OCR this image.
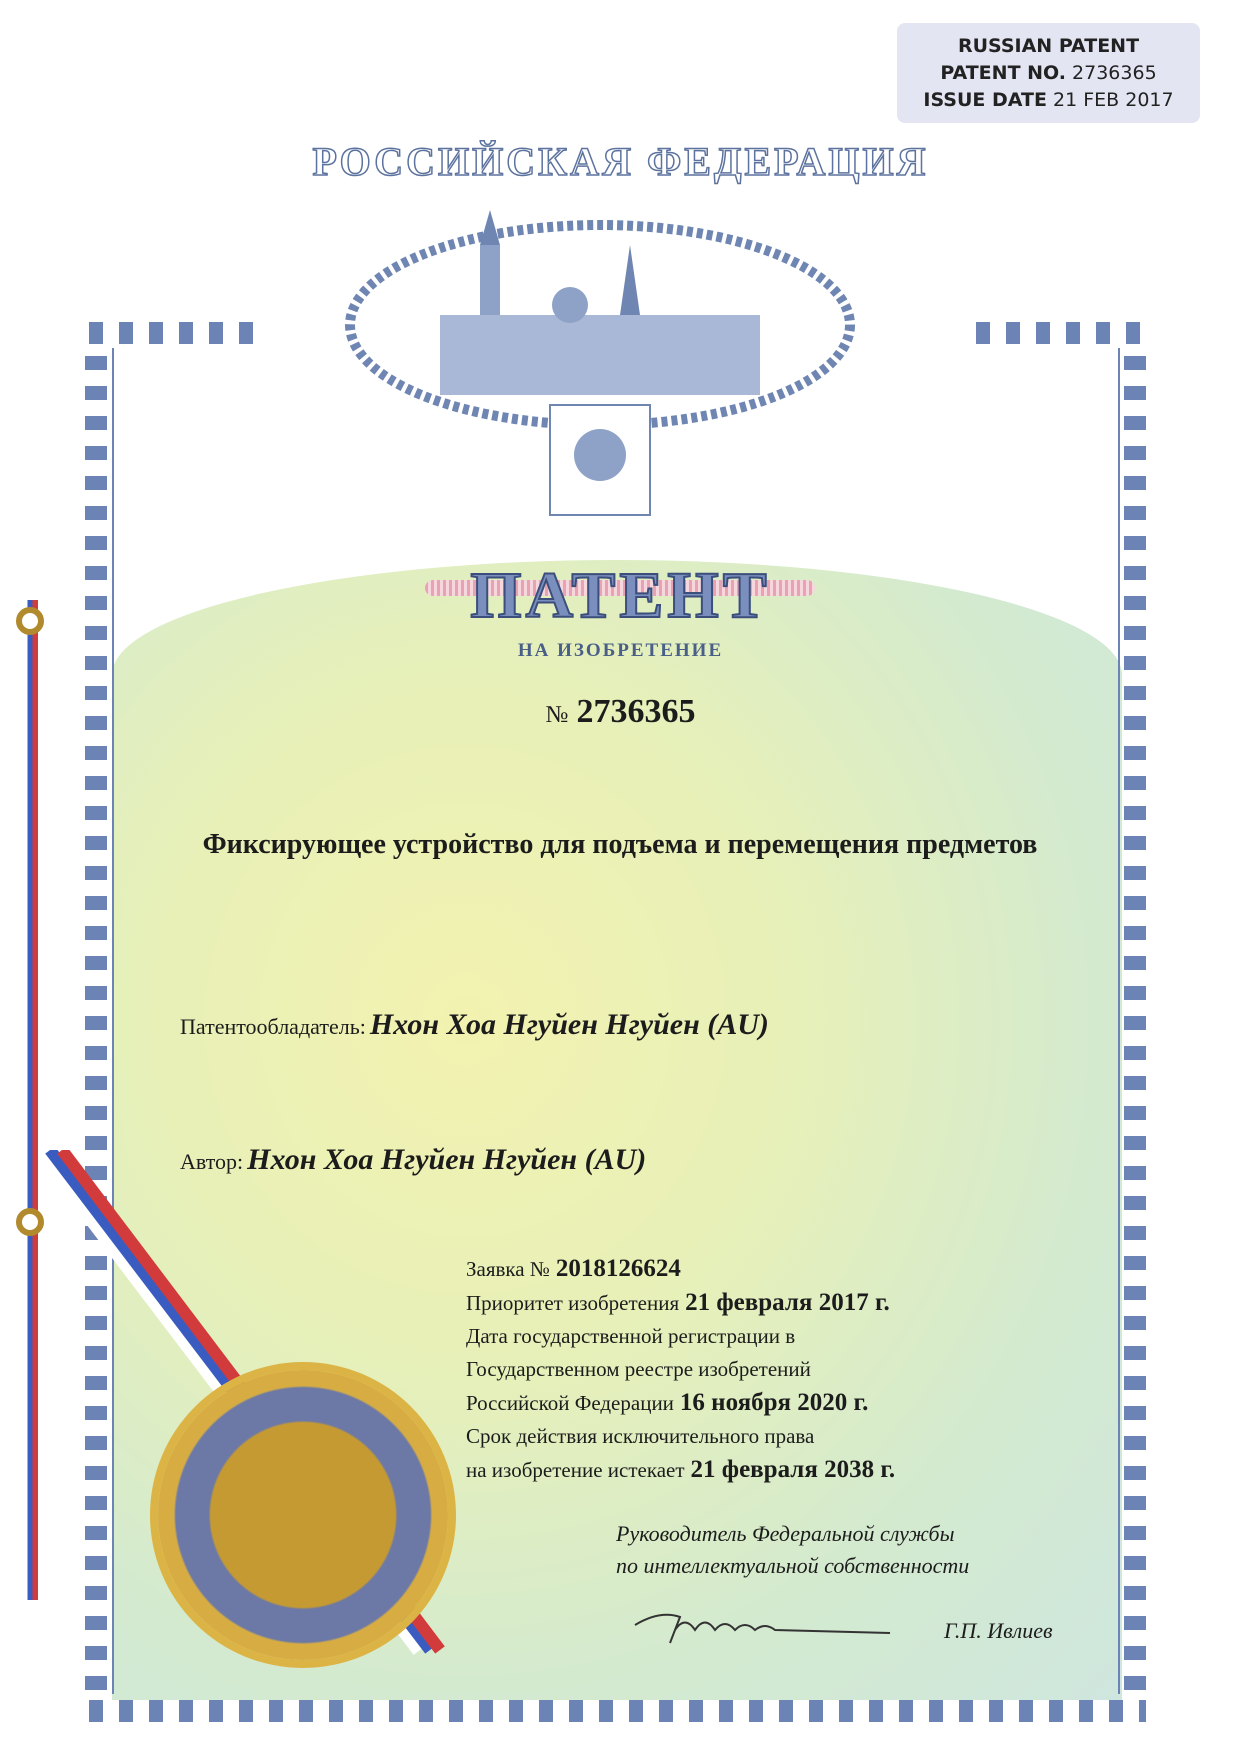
RUSSIAN PATENT
PATENT NO. 2736365
ISSUE DATE 21 FEB 2017
РОССИЙСКАЯ ФЕДЕРАЦИЯ
ПАТЕНТ
НА ИЗОБРЕТЕНИЕ
№ 2736365
Фиксирующее устройство для подъема и перемещения предметов
Патентообладатель: Нхон Хоа Нгуйен Нгуйен (AU)
Автор: Нхон Хоа Нгуйен Нгуйен (AU)
Заявка № 2018126624
Приоритет изобретения 21 февраля 2017 г.
Дата государственной регистрации в
Государственном реестре изобретений
Российской Федерации 16 ноября 2020 г.
Срок действия исключительного права
на изобретение истекает 21 февраля 2038 г.
Руководитель Федеральной службы
по интеллектуальной собственности
Г.П. Ивлиев
